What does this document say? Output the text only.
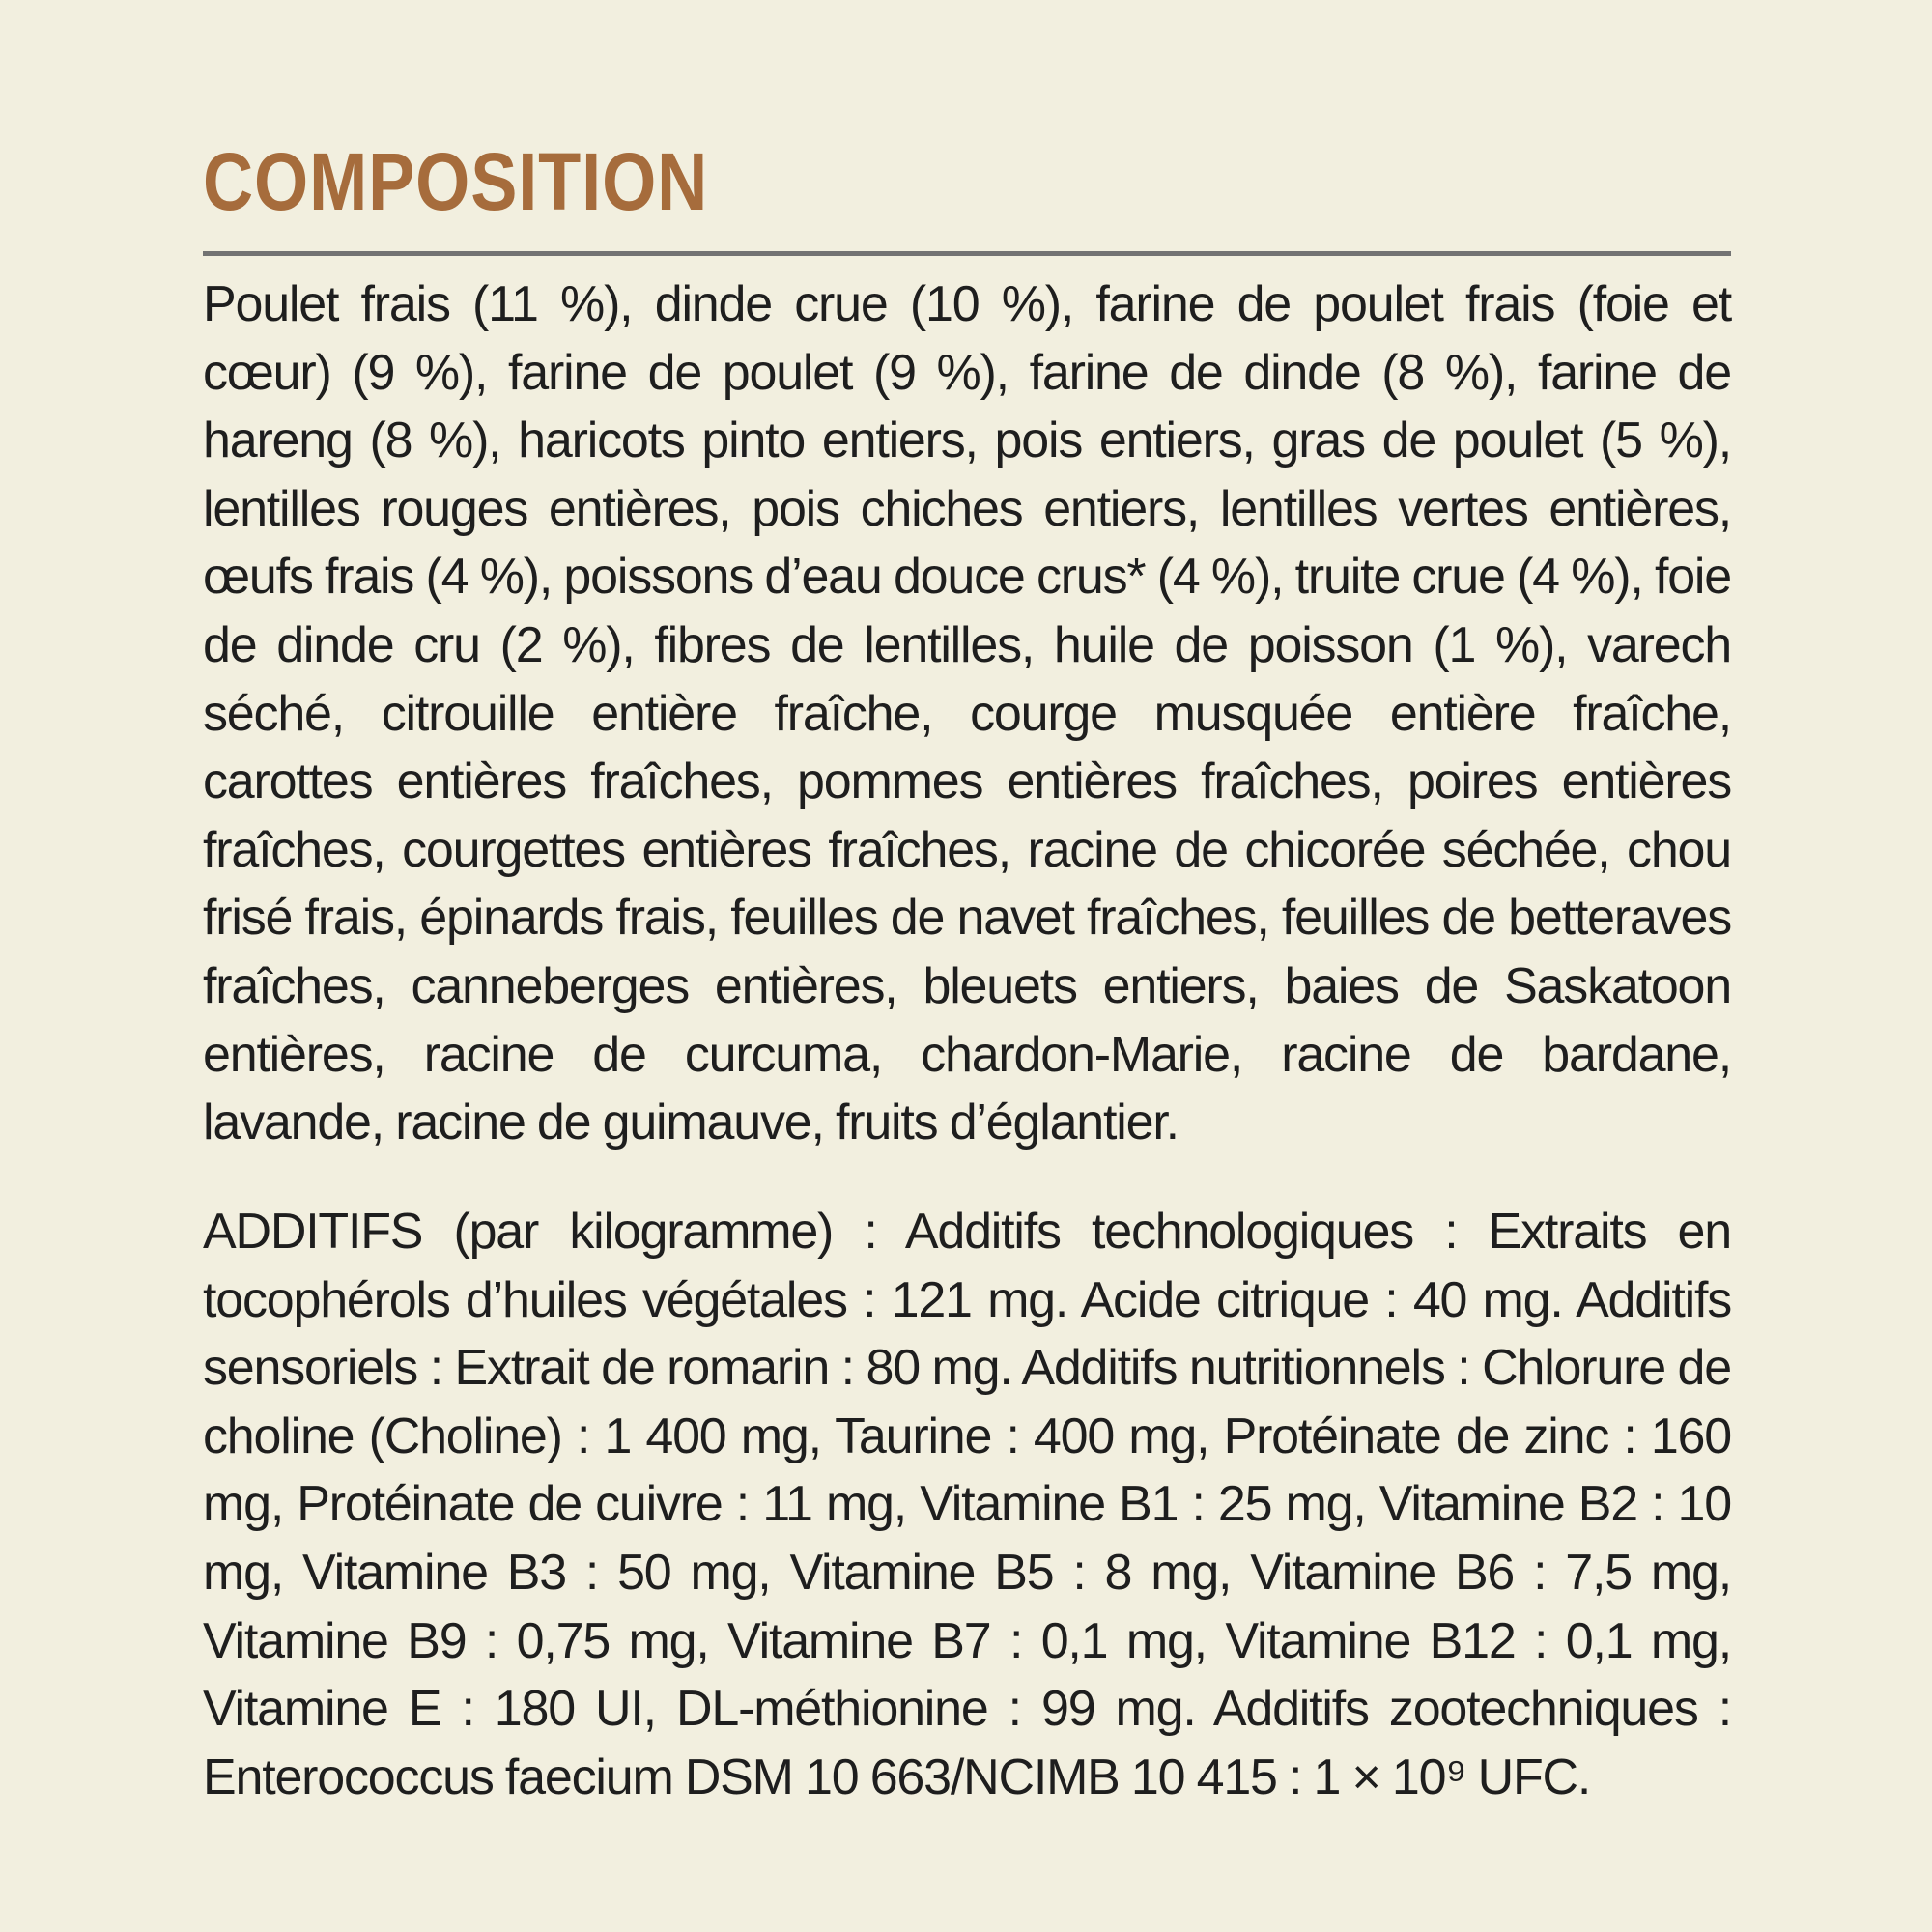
COMPOSITION

Poulet frais (11 %), dinde crue (10 %), farine de poulet frais (foie et cœur) (9 %), farine de poulet (9 %), farine de dinde (8 %), farine de hareng (8 %), haricots pinto entiers, pois entiers, gras de poulet (5 %), lentilles rouges entières, pois chiches entiers, lentilles vertes entières, œufs frais (4 %), poissons d’eau douce crus* (4 %), truite crue (4 %), foie de dinde cru (2 %), fibres de lentilles, huile de poisson (1 %), varech séché, citrouille entière fraîche, courge musquée entière fraîche, carottes entières fraîches, pommes entières fraîches, poires entières fraîches, courgettes entières fraîches, racine de chicorée séchée, chou frisé frais, épinards frais, feuilles de navet fraîches, feuilles de betteraves fraîches, canneberges entières, bleuets entiers, baies de Saskatoon entières, racine de curcuma, chardon-Marie, racine de bardane, lavande, racine de guimauve, fruits d’églantier.

ADDITIFS (par kilogramme) : Additifs technologiques : Extraits en tocophérols d’huiles végétales : 121 mg. Acide citrique : 40 mg. Additifs sensoriels : Extrait de romarin : 80 mg. Additifs nutritionnels : Chlorure de choline (Choline) : 1 400 mg, Taurine : 400 mg, Protéinate de zinc : 160 mg, Protéinate de cuivre : 11 mg, Vitamine B1 : 25 mg, Vitamine B2 : 10 mg, Vitamine B3 : 50 mg, Vitamine B5 : 8 mg, Vitamine B6 : 7,5 mg, Vitamine B9 : 0,75 mg, Vitamine B7 : 0,1 mg, Vitamine B12 : 0,1 mg, Vitamine E : 180 UI, DL-méthionine : 99 mg. Additifs zootechniques : Enterococcus faecium DSM 10 663/NCIMB 10 415 : 1 × 10⁹ UFC.
